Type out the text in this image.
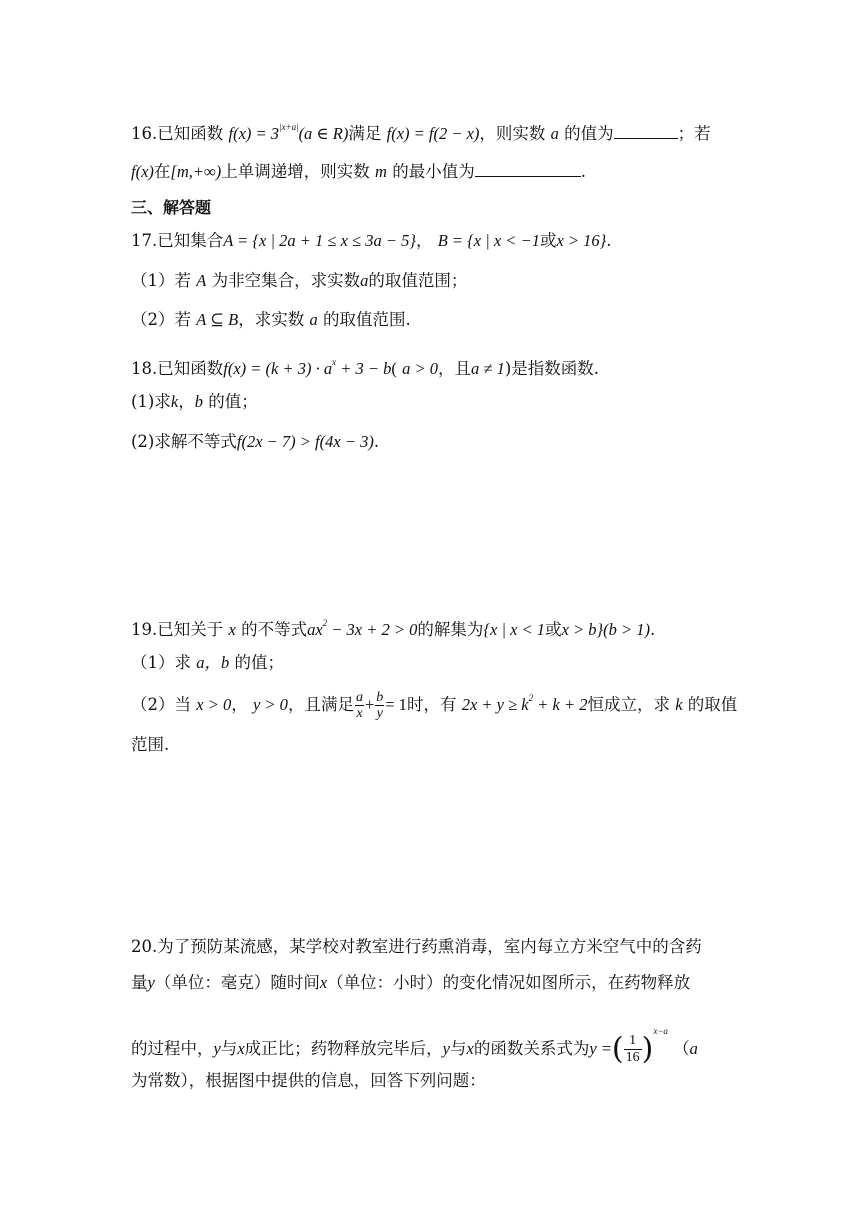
16.已知函数 $f(x) = 3^{|x+a|}(a$ ∈ R)满足 f(x) = f(2 − x)，则实数 a 的值为	；若
f(x)在[m,+∞)上单调递增，则实数 m 的最小值为	.
三、解答题
17.已知集合A = {x | 2a + 1 ≤ x ≤ 3a − 5}， B = {x | x < −1或x > 16}.
（1）若 A 为非空集合，求实数a的取值范围；
（2）若 A ⊆ B，求实数 a 的取值范围.
18.已知函数$f(x) = (k + 3) \cdot a^x + 3 - b$( a > 0，且a ≠ 1)是指数函数.
(1)求k，b 的值；
(2)求解不等式f(2x − 7) > f(4x − 3).
19.已知关于 x 的不等式$ax^2 - 3x + 2 > 0$的解集为{x | x < 1或x > b}(b > 1).
（1）求 a，b 的值；
（2）当 x > 0， y > 0，且满足 $\frac{a}{x} + \frac{b}{y} = 1$时，有 $2x + y \ge k^2 + k + 2$恒成立，求 k 的取值
范围.
20.为了预防某流感，某学校对教室进行药熏消毒，室内每立方米空气中的含药
量y（单位：毫克）随时间x（单位：小时）的变化情况如图所示，在药物释放
的过程中，y与x成正比；药物释放完毕后，y与x的函数关系式为y =( $\frac{1}{16} )^{x-a}$ （a
为常数），根据图中提供的信息，回答下列问题：
